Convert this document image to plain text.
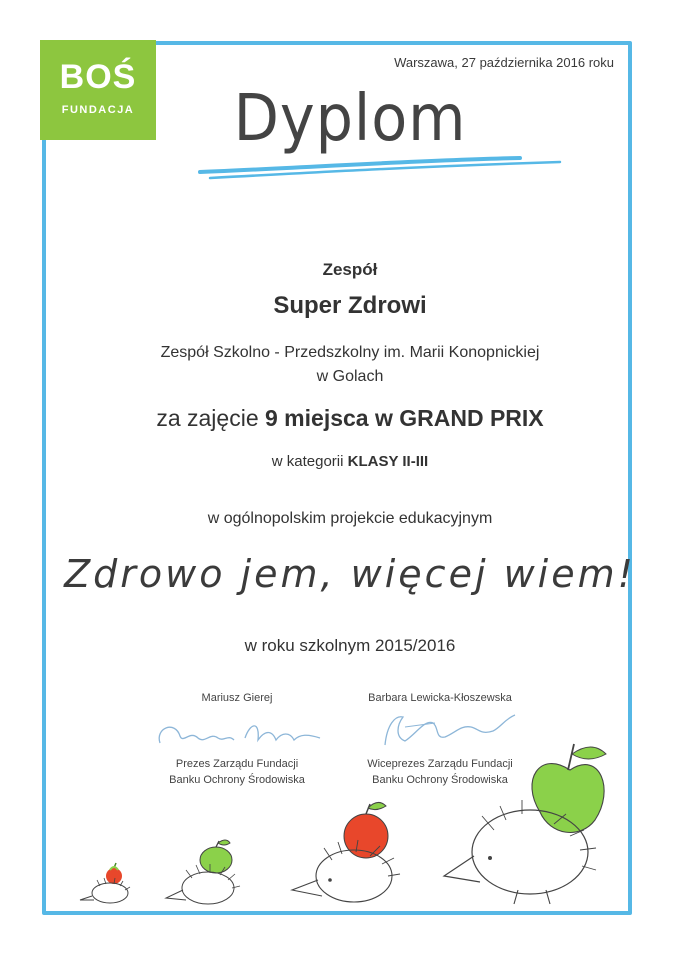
BOŚ
FUNDACJA
Warszawa, 27 października 2016 roku
Dyplom
Zespół
Super Zdrowi
Zespół Szkolno - Przedszkolny im. Marii Konopnickiej
w Golach
za zajęcie 9 miejsca w GRAND PRIX
w kategorii KLASY II-III
w ogólnopolskim projekcie edukacyjnym
Zdrowo jem, więcej wiem!
w roku szkolnym 2015/2016
Mariusz Gierej
Prezes Zarządu Fundacji
Banku Ochrony Środowiska
Barbara Lewicka-Kłoszewska
Wiceprezes Zarządu Fundacji
Banku Ochrony Środowiska
